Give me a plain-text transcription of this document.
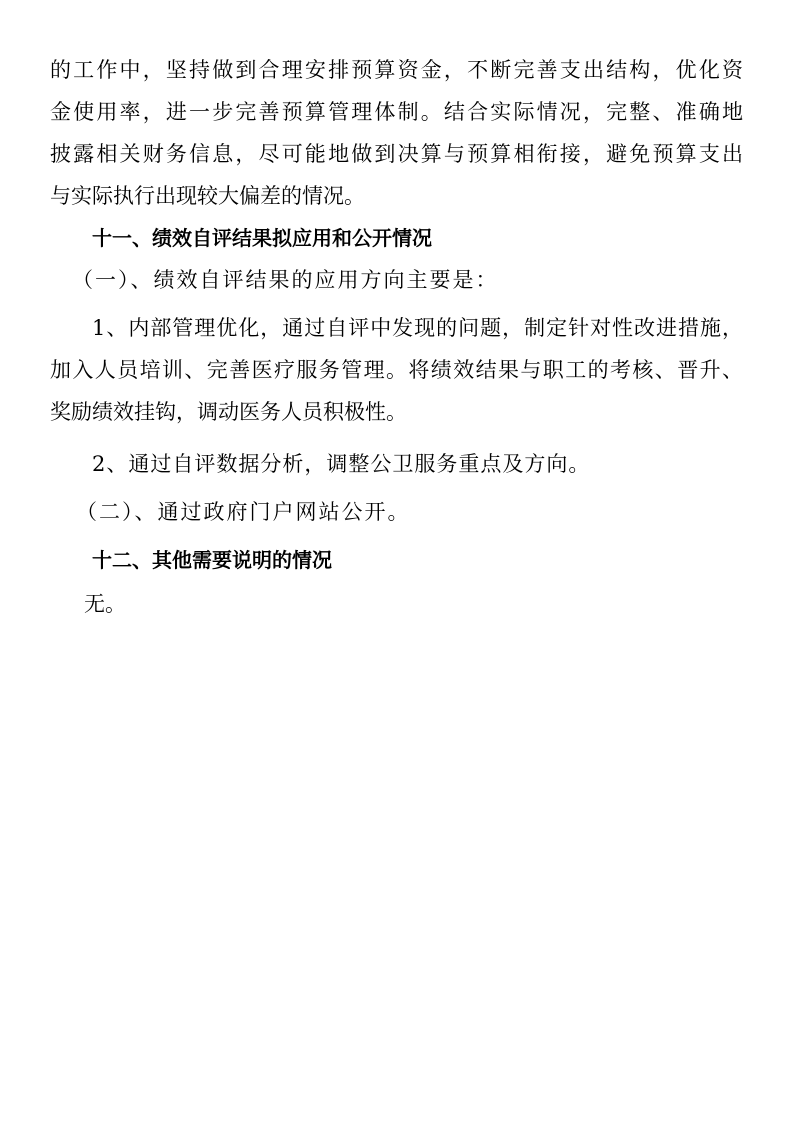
的工作中，坚持做到合理安排预算资金，不断完善支出结构，优化资
金使用率，进一步完善预算管理体制。结合实际情况，完整、准确地
披露相关财务信息，尽可能地做到决算与预算相衔接，避免预算支出
与实际执行出现较大偏差的情况。
十一、绩效自评结果拟应用和公开情况
（一）、绩效自评结果的应用方向主要是：
1、内部管理优化，通过自评中发现的问题，制定针对性改进措施，
加入人员培训、完善医疗服务管理。将绩效结果与职工的考核、晋升、
奖励绩效挂钩，调动医务人员积极性。
2、通过自评数据分析，调整公卫服务重点及方向。
（二）、通过政府门户网站公开。
十二、其他需要说明的情况
无。
